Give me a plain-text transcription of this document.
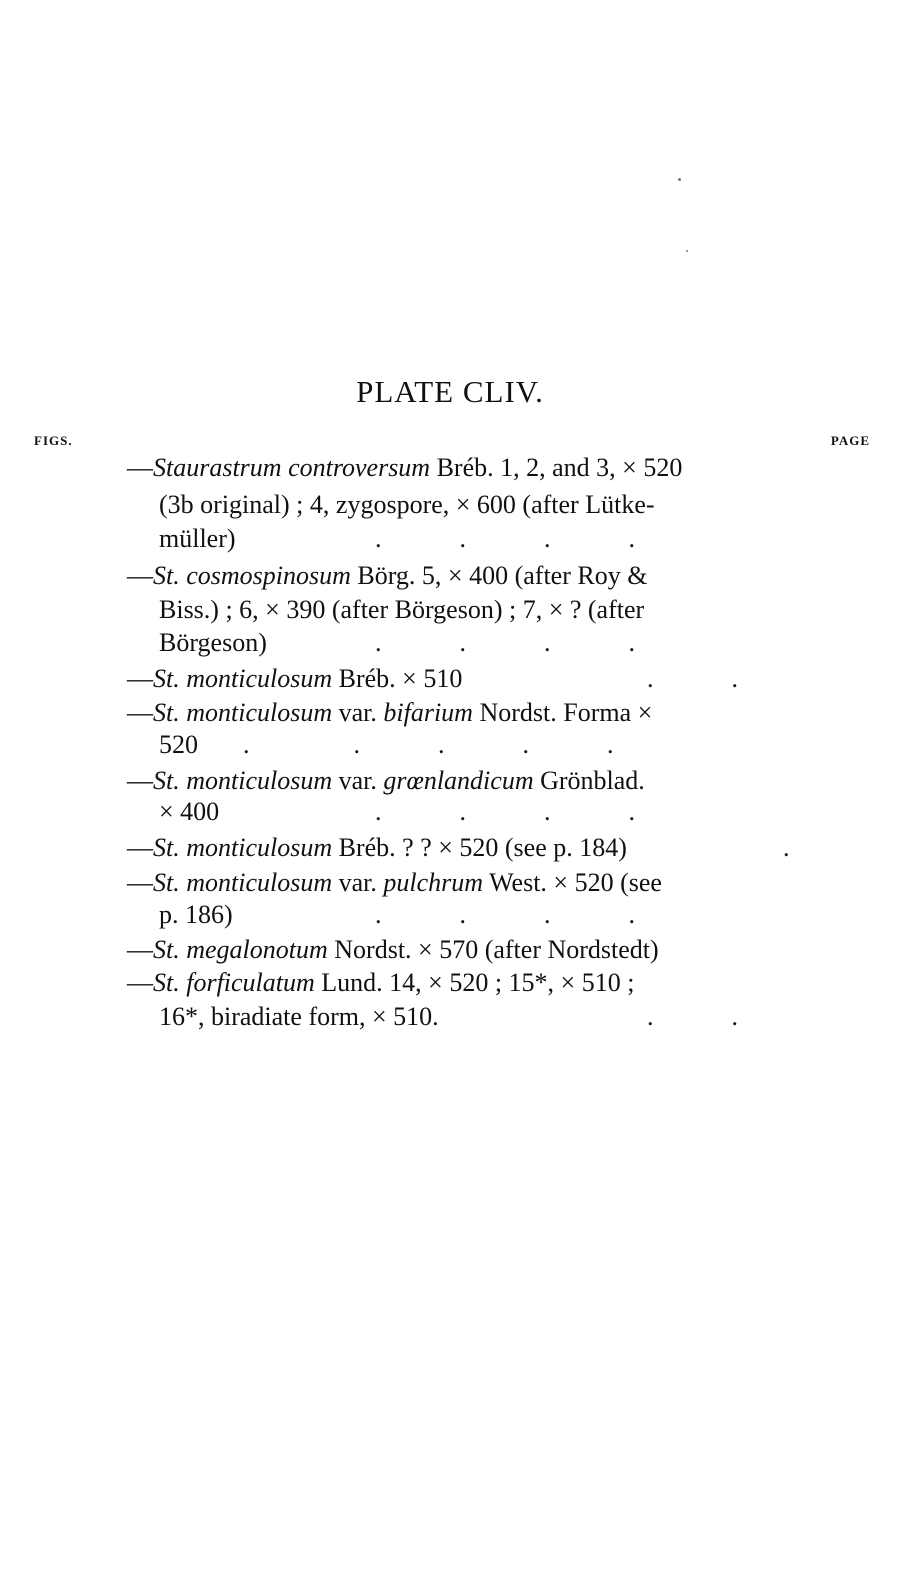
PLATE CLIV.
FIGS.	PAGE
—Staurastrum controversum Bréb. 1, 2, and 3, × 520
(3b original) ; 4, zygospore, × 600 (after Lütke-
müller)	.   .   .   .
—St. cosmospinosum Börg. 5, × 400 (after Roy &
Biss.) ; 6, × 390 (after Börgeson) ; 7, × ? (after
Börgeson)	.   .   .   .
—St. monticulosum Bréb. × 510	.   .
—St. monticulosum var. bifarium Nordst. Forma ×
520	.    .   .   .   .
—St. monticulosum var. grœnlandicum Grönblad.
× 400	.   .   .   .
—St. monticulosum Bréb. ? ? × 520 (see p. 184)	.
—St. monticulosum var. pulchrum West. × 520 (see
p. 186)	.   .   .   .
—St. megalonotum Nordst. × 570 (after Nordstedt)
—St. forficulatum Lund. 14, × 520 ; 15*, × 510 ;
16*, biradiate form, × 510.	.   .
